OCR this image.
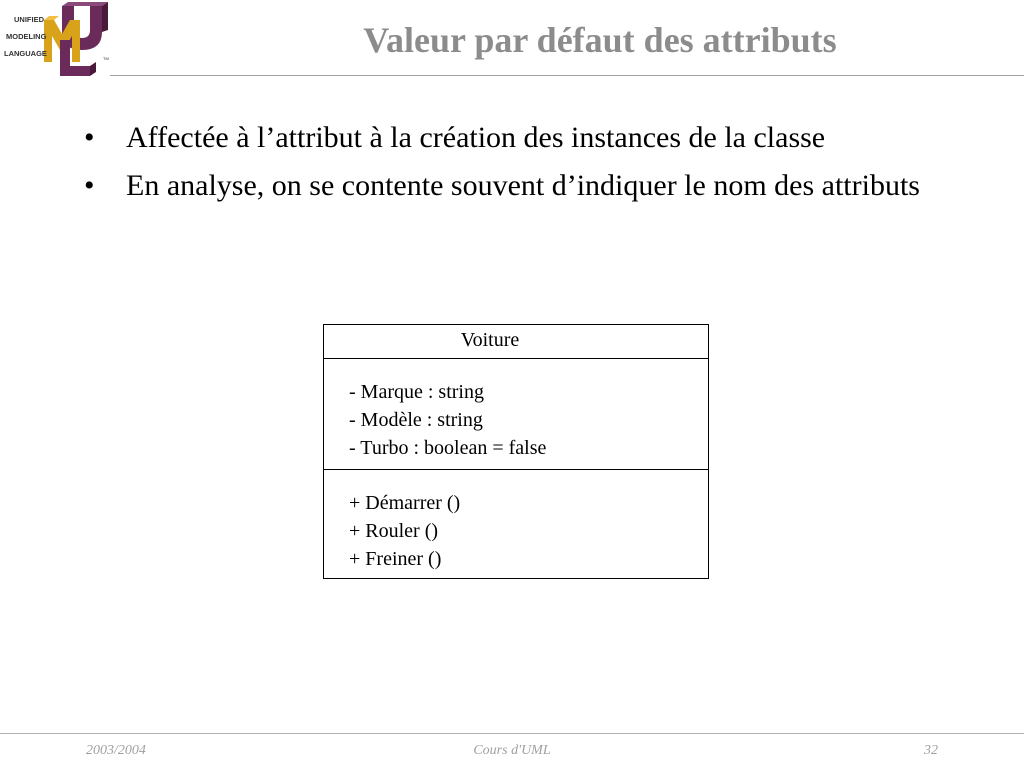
UNIFIED
MODELING
LANGUAGE
TM	Valeur par défaut des attributs
• Affectée à l’attribut à la création des instances de la classe
• En analyse, on se contente souvent d’indiquer le nom des attributs
Voiture
- Marque : string
- Modèle : string
- Turbo : boolean = false
+ Démarrer ()
+ Rouler ()
+ Freiner ()
2003/2004	Cours d'UML	32
